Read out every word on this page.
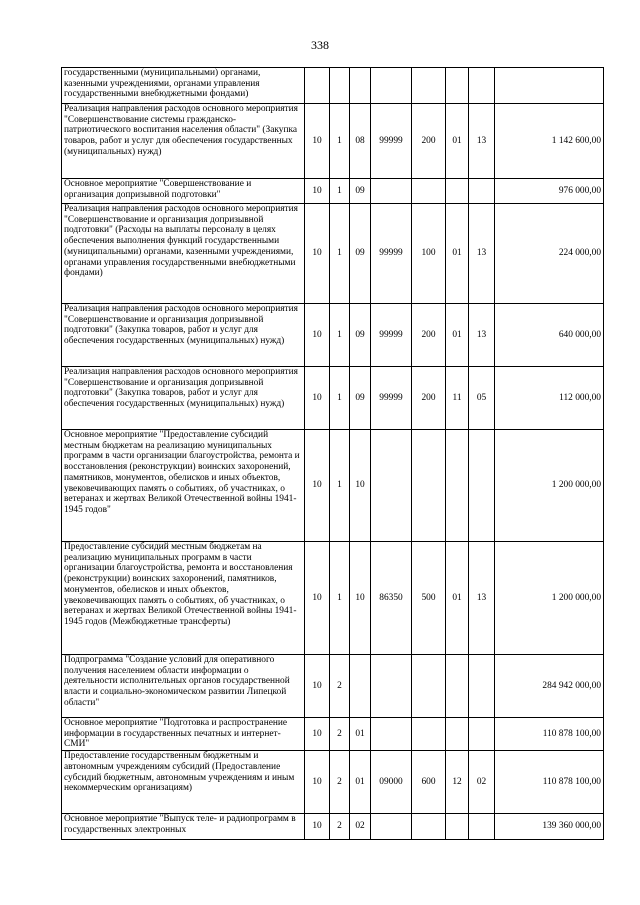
338
государственными (муниципальными) органами, казенными учреждениями, органами управления государственными внебюджетными фондами)								
Реализация направления расходов основного мероприятия "Совершенствование системы гражданско-патриотического воспитания населения области" (Закупка товаров, работ и услуг для обеспечения государственных (муниципальных) нужд)	10	1	08	99999	200	01	13	1 142 600,00
Основное мероприятие "Совершенствование и организация допризывной подготовки"	10	1	09					976 000,00
Реализация направления расходов основного мероприятия "Совершенствование и организация допризывной подготовки" (Расходы на выплаты персоналу в целях обеспечения выполнения функций государственными (муниципальными) органами, казенными учреждениями, органами управления государственными внебюджетными фондами)	10	1	09	99999	100	01	13	224 000,00
Реализация направления расходов основного мероприятия "Совершенствование и организация допризывной подготовки" (Закупка товаров, работ и услуг для обеспечения государственных (муниципальных) нужд)	10	1	09	99999	200	01	13	640 000,00
Реализация направления расходов основного мероприятия "Совершенствование и организация допризывной подготовки" (Закупка товаров, работ и услуг для обеспечения государственных (муниципальных) нужд)	10	1	09	99999	200	11	05	112 000,00
Основное мероприятие "Предоставление субсидий местным бюджетам на реализацию муниципальных программ в части организации благоустройства, ремонта и восстановления (реконструкции) воинских захоронений, памятников, монументов, обелисков и иных объектов, увековечивающих память о событиях, об участниках, о ветеранах и жертвах Великой Отечественной войны 1941-1945 годов"	10	1	10					1 200 000,00
Предоставление субсидий местным бюджетам на реализацию муниципальных программ в части организации благоустройства, ремонта и восстановления (реконструкции) воинских захоронений, памятников, монументов, обелисков и иных объектов, увековечивающих память о событиях, об участниках, о ветеранах и жертвах Великой Отечественной войны 1941-1945 годов (Межбюджетные трансферты)	10	1	10	86350	500	01	13	1 200 000,00
Подпрограмма "Создание условий для оперативного получения населением области информации о деятельности исполнительных органов государственной власти и социально-экономическом развитии Липецкой области"	10	2						284 942 000,00
Основное мероприятие "Подготовка и распространение информации в государственных печатных и интернет-СМИ"	10	2	01					110 878 100,00
Предоставление государственным бюджетным и автономным учреждениям субсидий (Предоставление субсидий бюджетным, автономным учреждениям и иным некоммерческим организациям)	10	2	01	09000	600	12	02	110 878 100,00
Основное мероприятие "Выпуск теле- и радиопрограмм в государственных электронных	10	2	02					139 360 000,00
